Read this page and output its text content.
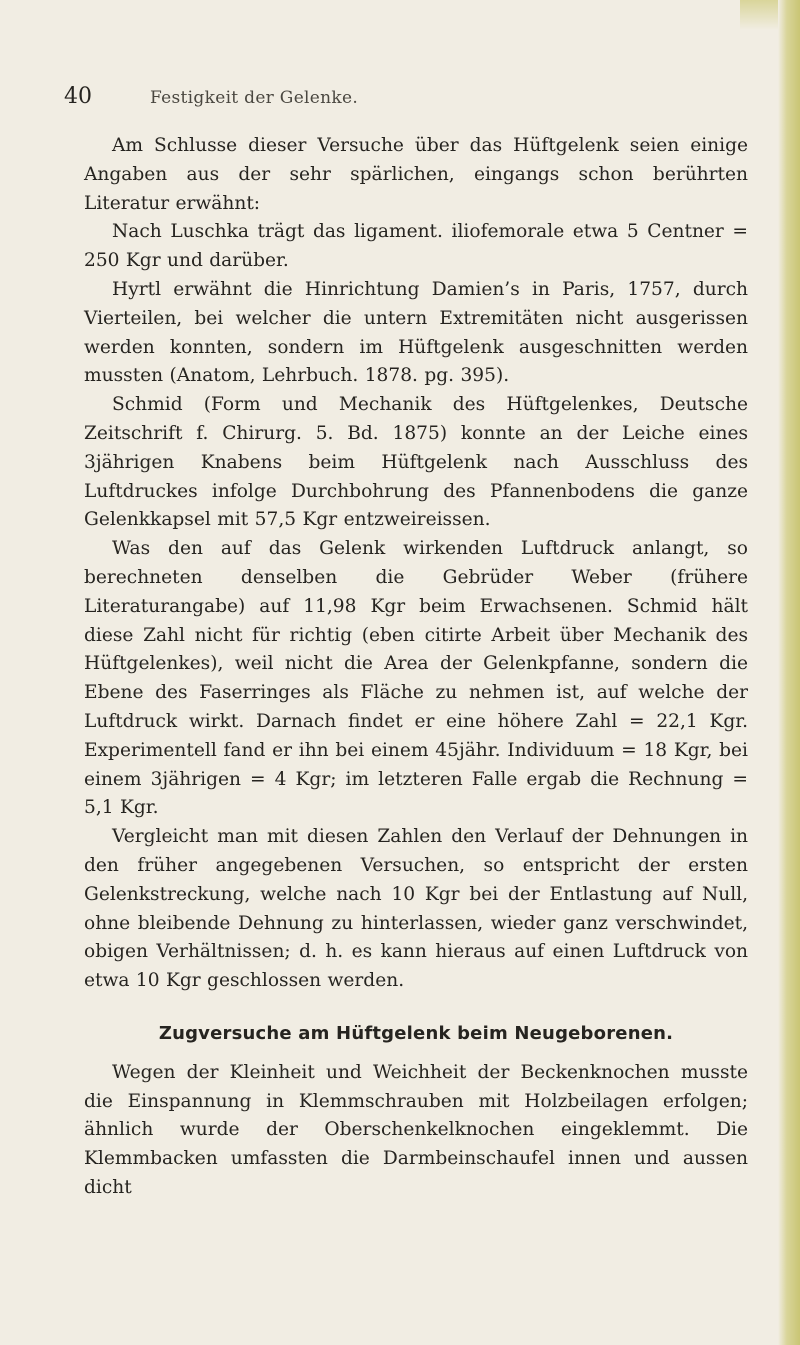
40	Festigkeit der Gelenke.

Am Schlusse dieser Versuche über das Hüftgelenk seien einige Angaben aus der sehr spärlichen, eingangs schon berührten Literatur erwähnt:

Nach Luschka trägt das ligament. iliofemorale etwa 5 Centner = 250 Kgr und darüber.

Hyrtl erwähnt die Hinrichtung Damien’s in Paris, 1757, durch Vierteilen, bei welcher die untern Extremitäten nicht ausgerissen werden konnten, sondern im Hüftgelenk ausgeschnitten werden mussten (Anatom, Lehrbuch. 1878. pg. 395).

Schmid (Form und Mechanik des Hüftgelenkes, Deutsche Zeitschrift f. Chirurg. 5. Bd. 1875) konnte an der Leiche eines 3jährigen Knabens beim Hüftgelenk nach Ausschluss des Luftdruckes infolge Durchbohrung des Pfannenbodens die ganze Gelenkkapsel mit 57,5 Kgr entzweireissen.

Was den auf das Gelenk wirkenden Luftdruck anlangt, so berechneten denselben die Gebrüder Weber (frühere Literaturangabe) auf 11,98 Kgr beim Erwachsenen. Schmid hält diese Zahl nicht für richtig (eben citirte Arbeit über Mechanik des Hüftgelenkes), weil nicht die Area der Gelenkpfanne, sondern die Ebene des Faserringes als Fläche zu nehmen ist, auf welche der Luftdruck wirkt. Darnach findet er eine höhere Zahl = 22,1 Kgr. Experimentell fand er ihn bei einem 45jähr. Individuum = 18 Kgr, bei einem 3jährigen = 4 Kgr; im letzteren Falle ergab die Rechnung = 5,1 Kgr.

Vergleicht man mit diesen Zahlen den Verlauf der Dehnungen in den früher angegebenen Versuchen, so entspricht der ersten Gelenkstreckung, welche nach 10 Kgr bei der Entlastung auf Null, ohne bleibende Dehnung zu hinterlassen, wieder ganz verschwindet, obigen Verhältnissen; d. h. es kann hieraus auf einen Luftdruck von etwa 10 Kgr geschlossen werden.

Zugversuche am Hüftgelenk beim Neugeborenen.

Wegen der Kleinheit und Weichheit der Beckenknochen musste die Einspannung in Klemmschrauben mit Holzbeilagen erfolgen; ähnlich wurde der Oberschenkelknochen eingeklemmt. Die Klemmbacken umfassten die Darmbeinschaufel innen und aussen dicht
